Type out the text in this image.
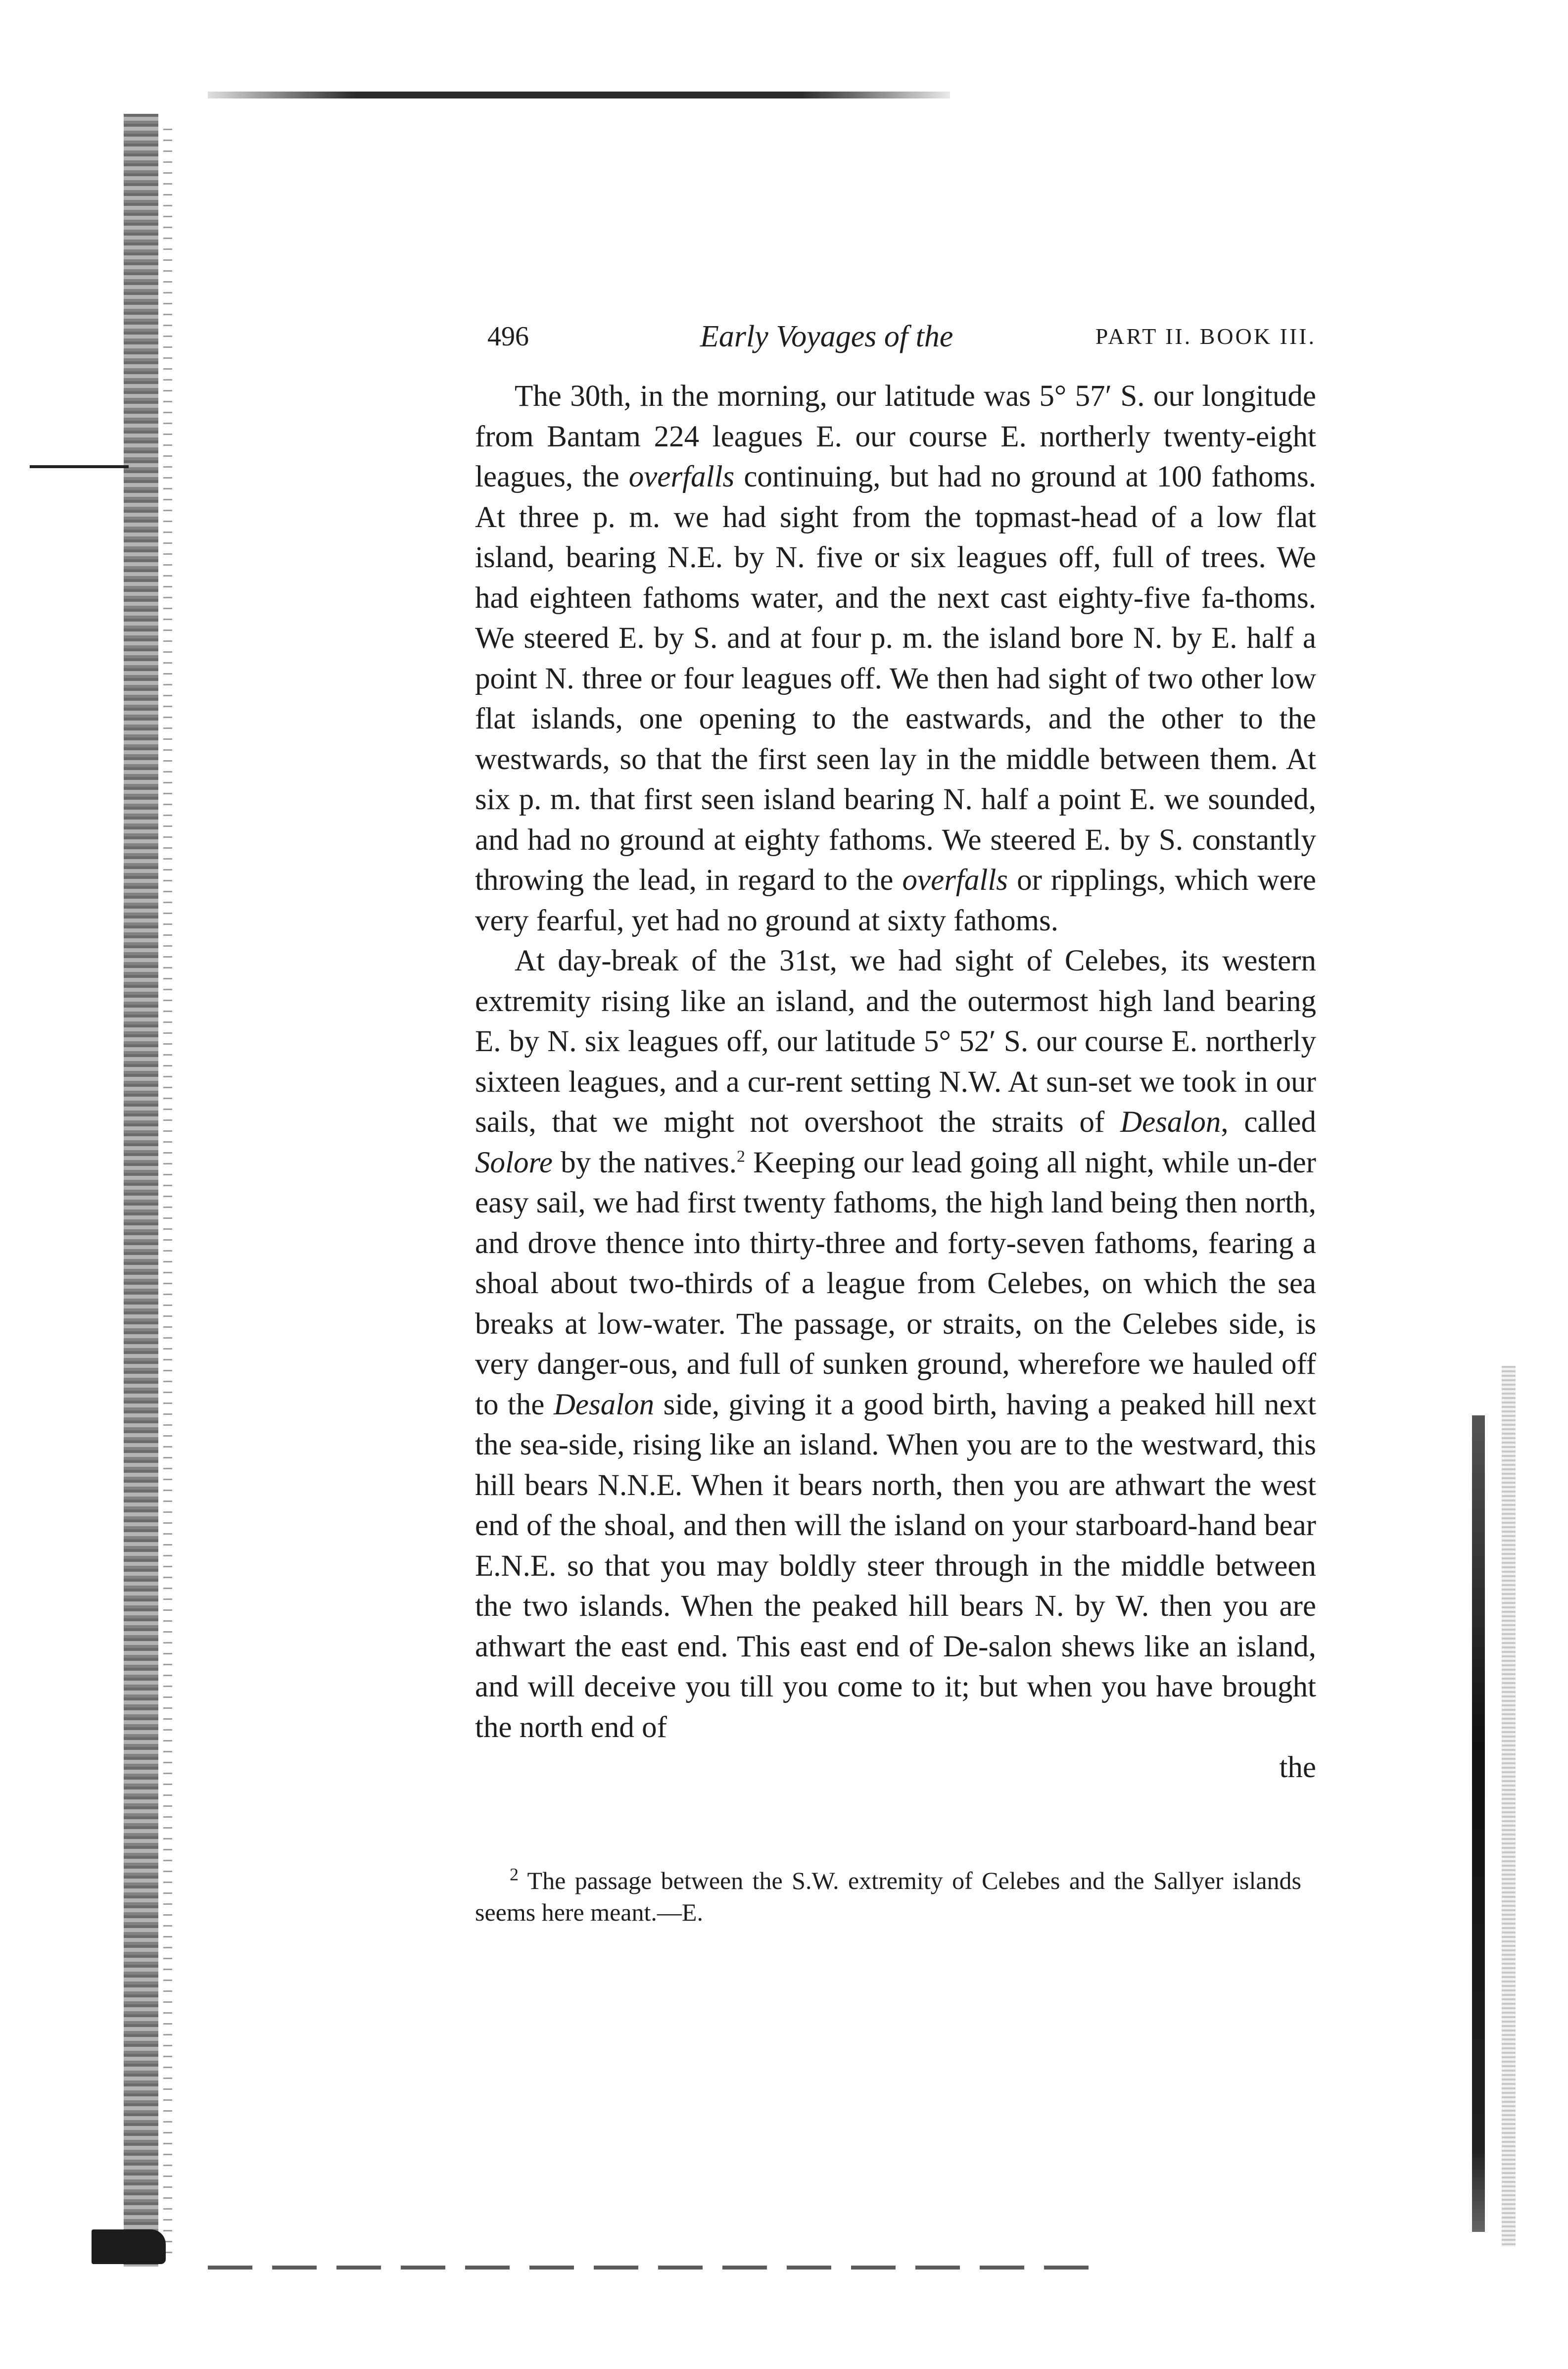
496	Early Voyages of the	PART II. BOOK III.

The 30th, in the morning, our latitude was 5° 57′ S. our longitude from Bantam 224 leagues E. our course E. northerly twenty-eight leagues, the overfalls continuing, but had no ground at 100 fathoms. At three p. m. we had sight from the topmast-head of a low flat island, bearing N.E. by N. five or six leagues off, full of trees. We had eighteen fathoms water, and the next cast eighty-five fa-thoms. We steered E. by S. and at four p. m. the island bore N. by E. half a point N. three or four leagues off. We then had sight of two other low flat islands, one opening to the eastwards, and the other to the westwards, so that the first seen lay in the middle between them. At six p. m. that first seen island bearing N. half a point E. we sounded, and had no ground at eighty fathoms. We steered E. by S. constantly throwing the lead, in regard to the overfalls or ripplings, which were very fearful, yet had no ground at sixty fathoms.

At day-break of the 31st, we had sight of Celebes, its western extremity rising like an island, and the outermost high land bearing E. by N. six leagues off, our latitude 5° 52′ S. our course E. northerly sixteen leagues, and a cur-rent setting N.W. At sun-set we took in our sails, that we might not overshoot the straits of Desalon, called Solore by the natives.$^2$ Keeping our lead going all night, while un-der easy sail, we had first twenty fathoms, the high land being then north, and drove thence into thirty-three and forty-seven fathoms, fearing a shoal about two-thirds of a league from Celebes, on which the sea breaks at low-water. The passage, or straits, on the Celebes side, is very danger-ous, and full of sunken ground, wherefore we hauled off to the Desalon side, giving it a good birth, having a peaked hill next the sea-side, rising like an island. When you are to the westward, this hill bears N.N.E. When it bears north, then you are athwart the west end of the shoal, and then will the island on your starboard-hand bear E.N.E. so that you may boldly steer through in the middle between the two islands. When the peaked hill bears N. by W. then you are athwart the east end. This east end of De-salon shews like an island, and will deceive you till you come to it; but when you have brought the north end of

the
$^2$ The passage between the S.W. extremity of Celebes and the Sallyer islands seems here meant.—E.
